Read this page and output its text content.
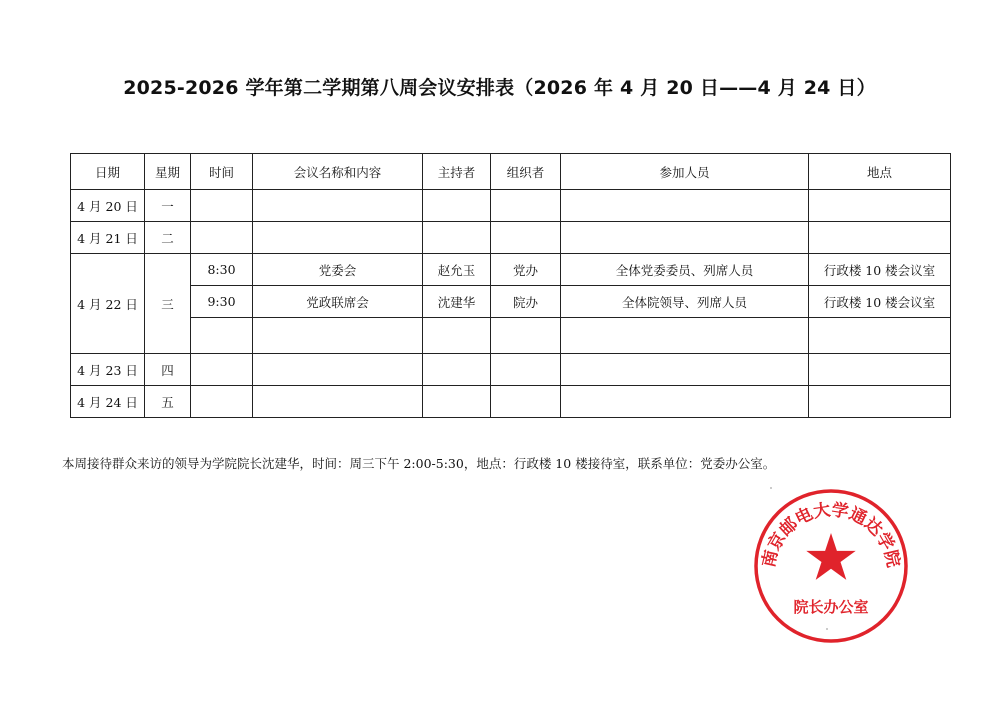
2025-2026 学年第二学期第八周会议安排表（2026 年 4 月 20 日——4 月 24 日）
日期	星期	时间	会议名称和内容	主持者	组织者	参加人员	地点
4 月 20 日	一						
4 月 21 日	二						
4 月 22 日	三	8:30	党委会	赵允玉	党办	全体党委委员、列席人员	行政楼 10 楼会议室
		9:30	党政联席会	沈建华	院办	全体院领导、列席人员	行政楼 10 楼会议室

4 月 23 日	四						
4 月 24 日	五						
本周接待群众来访的领导为学院院长沈建华，时间：周三下午 2:00-5:30，地点：行政楼 10 楼接待室，联系单位：党委办公室。
南京邮电大学通达学院
院长办公室
